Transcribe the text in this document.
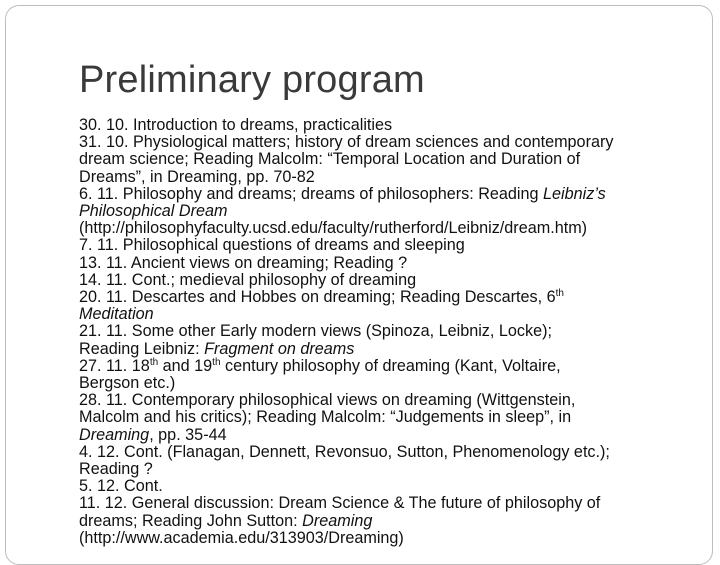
Preliminary program
30. 10. Introduction to dreams, practicalities
31. 10. Physiological matters; history of dream sciences and contemporary
dream science; Reading Malcolm: “Temporal Location and Duration of
Dreams”, in Dreaming, pp. 70-82
6. 11. Philosophy and dreams; dreams of philosophers: Reading Leibniz’s
Philosophical Dream
(http://philosophyfaculty.ucsd.edu/faculty/rutherford/Leibniz/dream.htm)
7. 11. Philosophical questions of dreams and sleeping
13. 11. Ancient views on dreaming; Reading ?
14. 11. Cont.; medieval philosophy of dreaming
20. 11. Descartes and Hobbes on dreaming; Reading Descartes, 6th
Meditation
21. 11. Some other Early modern views (Spinoza, Leibniz, Locke);
Reading Leibniz: Fragment on dreams
27. 11. 18th and 19th century philosophy of dreaming (Kant, Voltaire,
Bergson etc.)
28. 11. Contemporary philosophical views on dreaming (Wittgenstein,
Malcolm and his critics); Reading Malcolm: “Judgements in sleep”, in
Dreaming, pp. 35-44
4. 12. Cont. (Flanagan, Dennett, Revonsuo, Sutton, Phenomenology etc.);
Reading ?
5. 12. Cont.
11. 12. General discussion: Dream Science & The future of philosophy of
dreams; Reading John Sutton: Dreaming
(http://www.academia.edu/313903/Dreaming)
